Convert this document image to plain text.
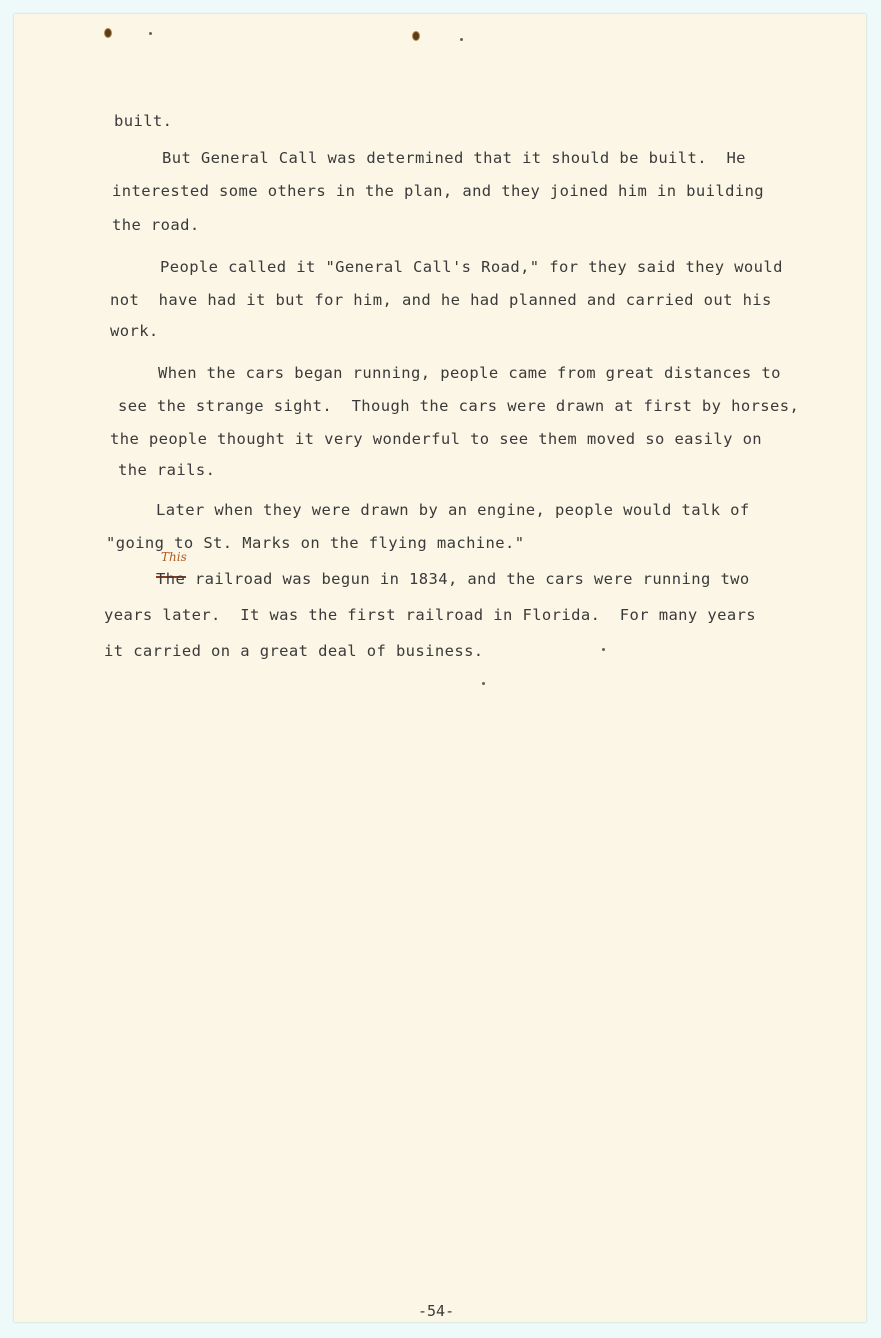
built.
But General Call was determined that it should be built.  He
interested some others in the plan, and they joined him in building
the road.
People called it "General Call's Road," for they said they would
not  have had it but for him, and he had planned and carried out his
work.
When the cars began running, people came from great distances to
see the strange sight.  Though the cars were drawn at first by horses,
the people thought it very wonderful to see them moved so easily on
the rails.
Later when they were drawn by an engine, people would talk of
"going to St. Marks on the flying machine."
This
The railroad was begun in 1834, and the cars were running two
years later.  It was the first railroad in Florida.  For many years
it carried on a great deal of business.
-54-
